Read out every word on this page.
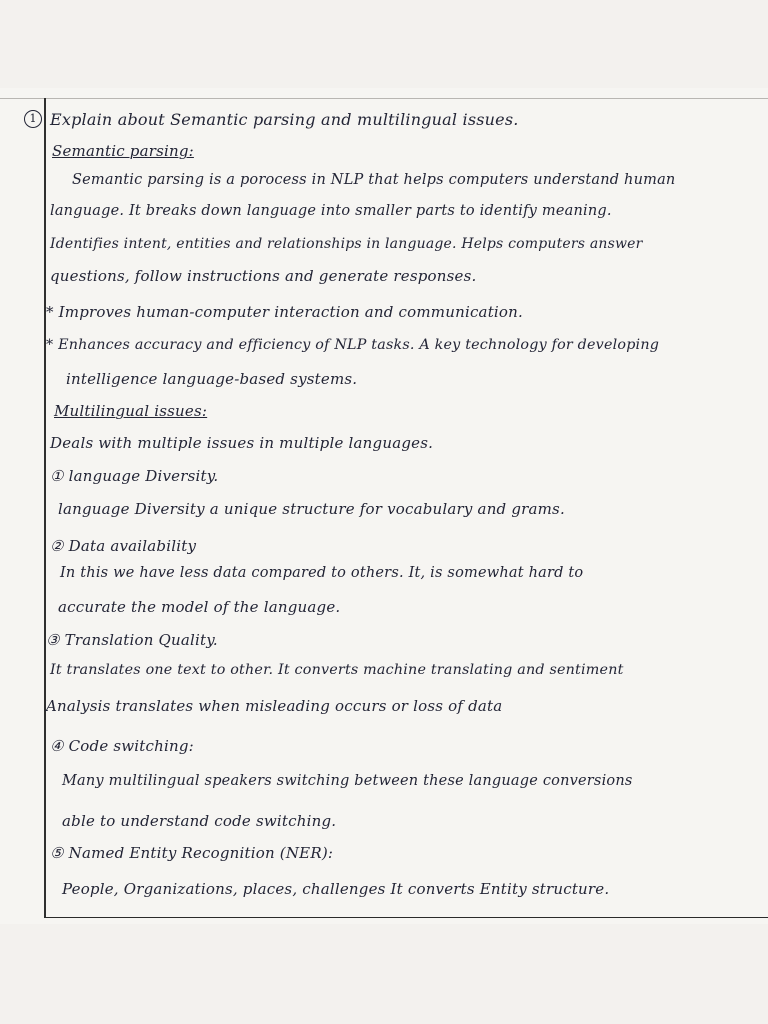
1 Explain about Semantic parsing and multilingual issues.
Semantic parsing:
Semantic parsing is a porocess in NLP that helps computers understand human
language. It breaks down language into smaller parts to identify meaning.
Identifies intent, entities and relationships in language. Helps computers answer
questions, follow instructions and generate responses.
* Improves human-computer interaction and communication.
* Enhances accuracy and efficiency of NLP tasks. A key technology for developing
intelligence language-based systems.
Multilingual issues:
Deals with multiple issues in multiple languages.
① language Diversity.
language Diversity a unique structure for vocabulary and grams.
② Data availability
In this we have less data compared to others. It, is somewhat hard to
accurate the model of the language.
③ Translation Quality.
It translates one text to other. It converts machine translating and sentiment
Analysis translates when misleading occurs or loss of data
④ Code switching:
Many multilingual speakers switching between these language conversions
able to understand code switching.
⑤ Named Entity Recognition (NER):
People, Organizations, places, challenges It converts Entity structure.
